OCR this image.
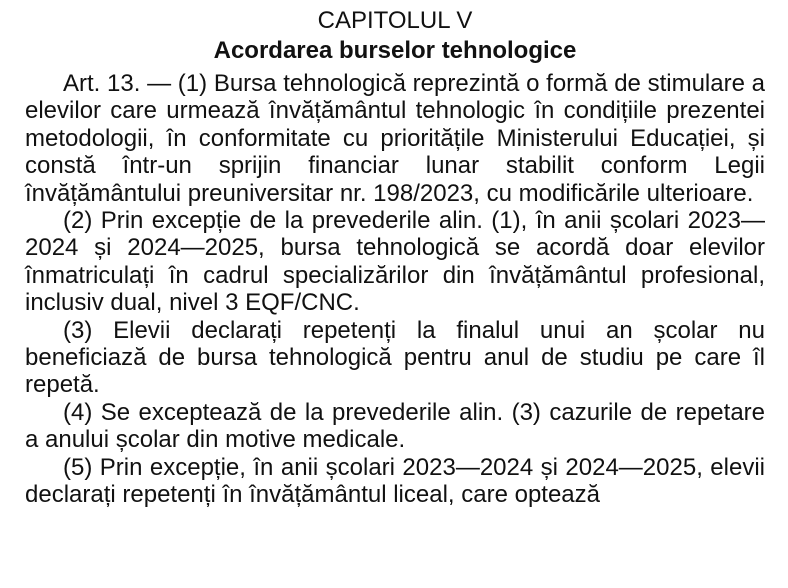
CAPITOLUL V
Acordarea burselor tehnologice

Art. 13. — (1) Bursa tehnologică reprezintă o formă de stimulare a elevilor care urmează învățământul tehnologic în condițiile prezentei metodologii, în conformitate cu prioritățile Ministerului Educației, și constă într-un sprijin financiar lunar stabilit conform Legii învățământului preuniversitar nr. 198/2023, cu modificările ulterioare.

(2) Prin excepție de la prevederile alin. (1), în anii școlari 2023—2024 și 2024—2025, bursa tehnologică se acordă doar elevilor înmatriculați în cadrul specializărilor din învățământul profesional, inclusiv dual, nivel 3 EQF/CNC.

(3) Elevii declarați repetenți la finalul unui an școlar nu beneficiază de bursa tehnologică pentru anul de studiu pe care îl repetă.

(4) Se exceptează de la prevederile alin. (3) cazurile de repetare a anului școlar din motive medicale.

(5) Prin excepție, în anii școlari 2023—2024 și 2024—2025, elevii declarați repetenți în învățământul liceal, care optează
